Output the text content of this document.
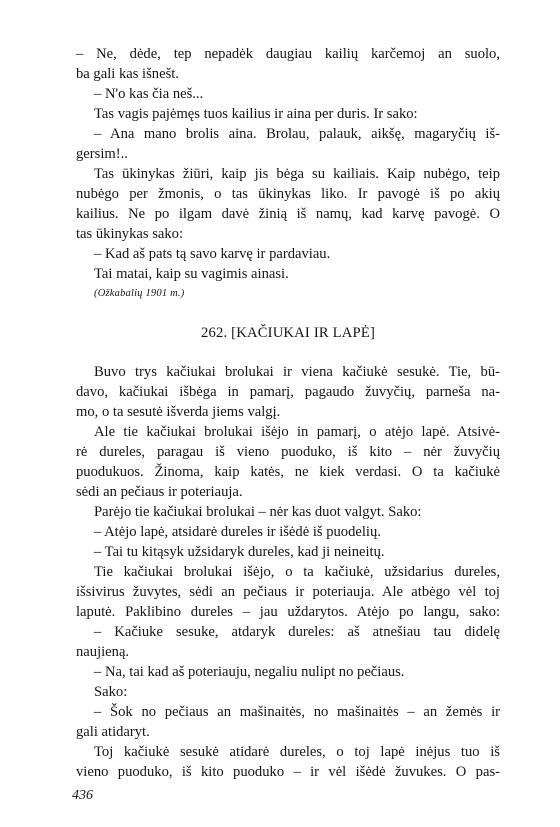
– Ne, dėde, tep nepadėk daugiau kailių karčemoj an suolo,
ba gali kas išnešt.
– N'o kas čia neš...
Tas vagis pajėmęs tuos kailius ir aina per duris. Ir sako:
– Ana mano brolis aina. Brolau, palauk, aikšę, magaryčių iš-
gersim!..
Tas ūkinykas žiūri, kaip jis bėga su kailiais. Kaip nubėgo, teip
nubėgo per žmonis, o tas ūkinykas liko. Ir pavogė iš po akių
kailius. Ne po ilgam davė žinią iš namų, kad karvę pavogė. O
tas ūkinykas sako:
– Kad aš pats tą savo karvę ir pardaviau.
Tai matai, kaip su vagimis ainasi.
(Ožkabalių 1901 m.)
262. [KAČIUKAI IR LAPĖ]
Buvo trys kačiukai brolukai ir viena kačiukė sesukė. Tie, bū-
davo, kačiukai išbėga in pamarį, pagaudo žuvyčių, parneša na-
mo, o ta sesutė išverda jiems valgį.
Ale tie kačiukai brolukai išėjo in pamarį, o atėjo lapė. Atsivė-
rė dureles, paragau iš vieno puoduko, iš kito – nėr žuvyčių
puodukuos. Žinoma, kaip katės, ne kiek verdasi. O ta kačiukė
sėdi an pečiaus ir poteriauja.
Parėjo tie kačiukai brolukai – nėr kas duot valgyt. Sako:
– Atėjo lapė, atsidarė dureles ir išėdė iš puodelių.
– Tai tu kitąsyk užsidaryk dureles, kad ji neineitų.
Tie kačiukai brolukai išėjo, o ta kačiukė, užsidarius dureles,
išsivirus žuvytes, sėdi an pečiaus ir poteriauja. Ale atbėgo vėl toj
laputė. Paklibino dureles – jau uždarytos. Atėjo po langu, sako:
– Kačiuke sesuke, atdaryk dureles: aš atnešiau tau didelę
naujieną.
– Na, tai kad aš poteriauju, negaliu nulipt no pečiaus.
Sako:
– Šok no pečiaus an mašinaitės, no mašinaitės – an žemės ir
gali atidaryt.
Toj kačiukė sesukė atidarė dureles, o toj lapė inėjus tuo iš
vieno puoduko, iš kito puoduko – ir vėl išėdė žuvukes. O pas-
436
